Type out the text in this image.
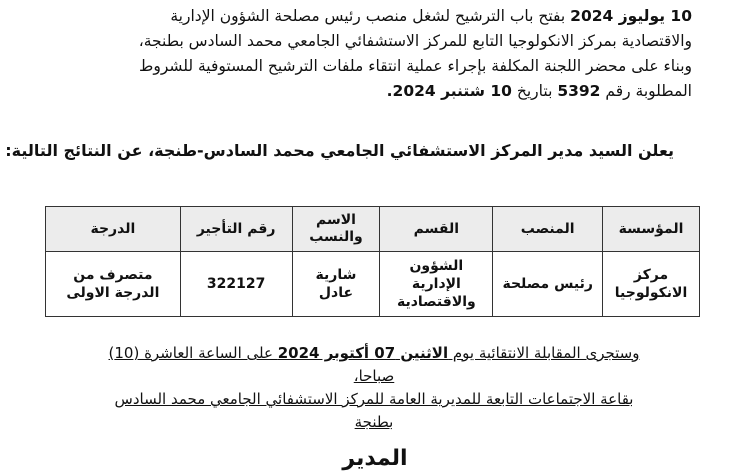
10 يوليوز 2024 بفتح باب الترشيح لشغل منصب رئيس مصلحة الشؤون الإدارية

والاقتصادية بمركز الانكولوجيا التابع للمركز الاستشفائي الجامعي محمد السادس بطنجة،

وبناء على محضر اللجنة المكلفة بإجراء عملية انتقاء ملفات الترشيح المستوفية للشروط

المطلوبة رقم 5392 بتاريخ 10 شتنبر 2024.

يعلن السيد مدير المركز الاستشفائي الجامعي محمد السادس-طنجة، عن النتائج التالية:
المؤسسة	المنصب	القسم	الاسم والنسب	رقم التأجير	الدرجة
مركز الانكولوجيا	رئيس مصلحة	الشؤون الإدارية والاقتصادية	شارية عادل	322127	متصرف من الدرجة الاولى

وستجرى المقابلة الانتقائية يوم الاثنين 07 أكتوبر 2024 على الساعة العاشرة (10) صباحا،

بقاعة الاجتماعات التابعة للمديرية العامة للمركز الاستشفائي الجامعي محمد السادس

بطنجة

المدير
